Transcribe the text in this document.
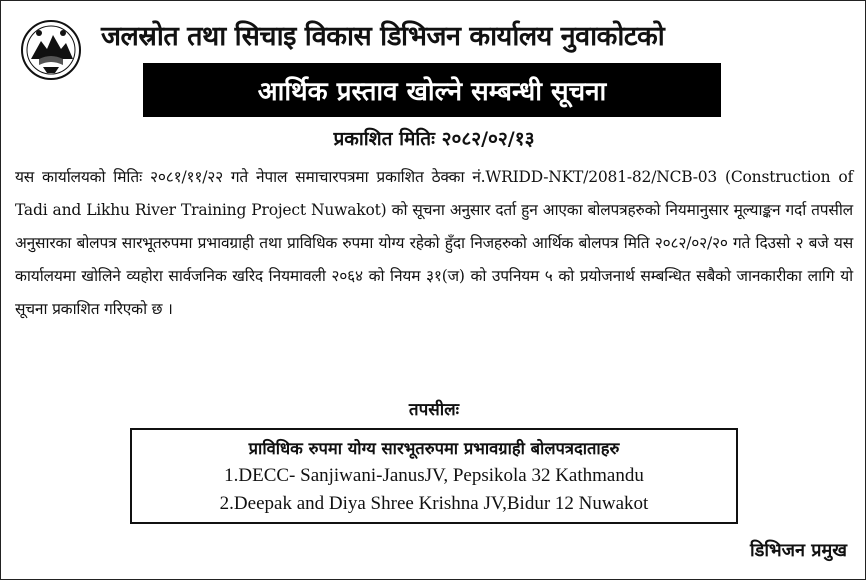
जलस्रोत तथा सिचाइ विकास डिभिजन कार्यालय नुवाकोटको
आर्थिक प्रस्ताव खोल्ने सम्बन्धी सूचना
प्रकाशित मितिः २०८२/०२/१३
यस कार्यालयको मितिः २०८१/११/२२ गते नेपाल समाचारपत्रमा प्रकाशित ठेक्का नं.WRIDD-NKT/2081-82/NCB-03 (Construction of Tadi and Likhu River Training Project Nuwakot) को सूचना अनुसार दर्ता हुन आएका बोलपत्रहरुको नियमानुसार मूल्याङ्कन गर्दा तपसील अनुसारका बोलपत्र सारभूतरुपमा प्रभावग्राही तथा प्राविधिक रुपमा योग्य रहेको हुँदा निजहरुको आर्थिक बोलपत्र मिति २०८२/०२/२० गते दिउसो २ बजे यस कार्यालयमा खोलिने व्यहोरा सार्वजनिक खरिद नियमावली २०६४ को नियम ३१(ज) को उपनियम ५ को प्रयोजनार्थ सम्बन्धित सबैको जानकारीका लागि यो सूचना प्रकाशित गरिएको छ ।
तपसीलः
प्राविधिक रुपमा योग्य सारभूतरुपमा प्रभावग्राही बोलपत्रदाताहरु
1.DECC- Sanjiwani-JanusJV, Pepsikola 32 Kathmandu
2.Deepak and Diya Shree Krishna JV,Bidur 12 Nuwakot
डिभिजन प्रमुख
